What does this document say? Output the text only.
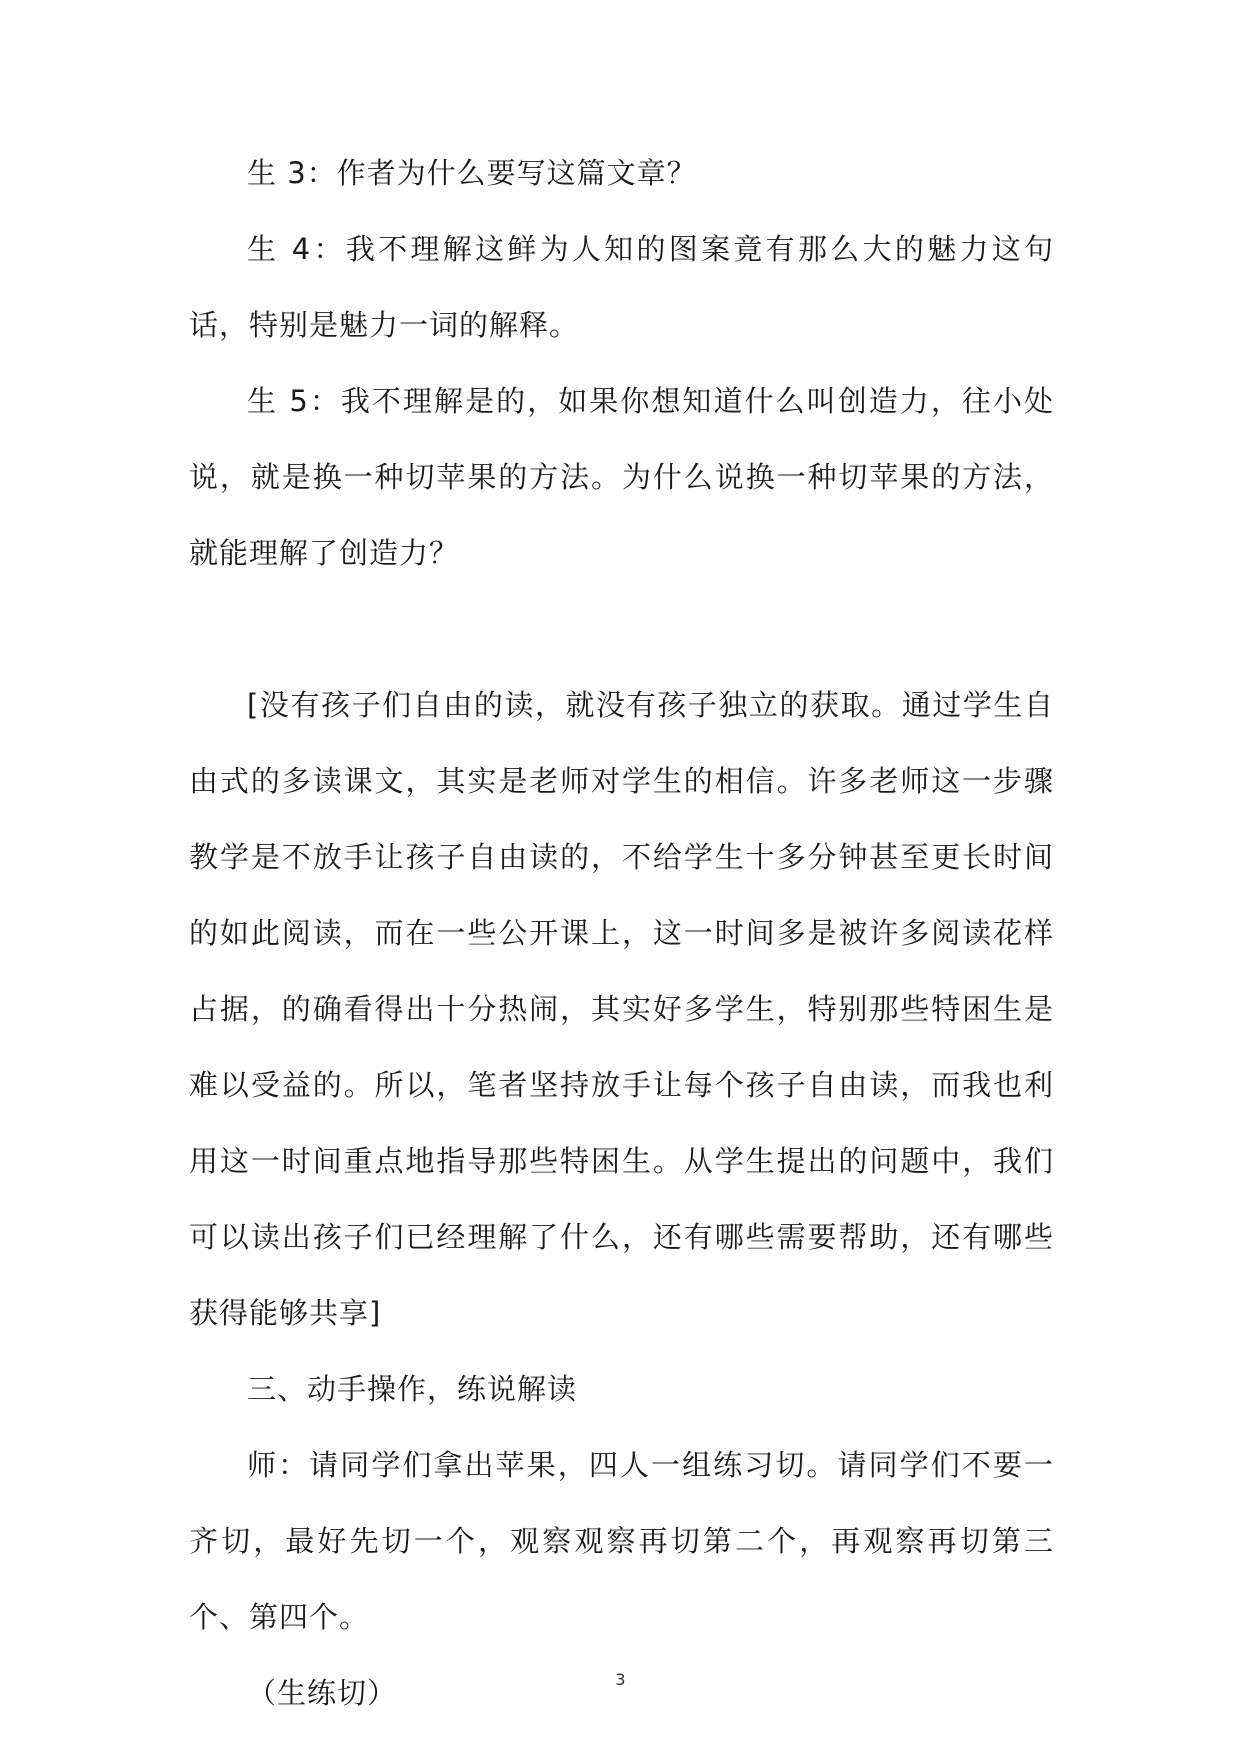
生 3：作者为什么要写这篇文章？

生 4：我不理解这鲜为人知的图案竟有那么大的魅力这句话，特别是魅力一词的解释。

生 5：我不理解是的，如果你想知道什么叫创造力，往小处说，就是换一种切苹果的方法。为什么说换一种切苹果的方法，就能理解了创造力？

[没有孩子们自由的读，就没有孩子独立的获取。通过学生自由式的多读课文，其实是老师对学生的相信。许多老师这一步骤教学是不放手让孩子自由读的，不给学生十多分钟甚至更长时间的如此阅读，而在一些公开课上，这一时间多是被许多阅读花样占据，的确看得出十分热闹，其实好多学生，特别那些特困生是难以受益的。所以，笔者坚持放手让每个孩子自由读，而我也利用这一时间重点地指导那些特困生。从学生提出的问题中，我们可以读出孩子们已经理解了什么，还有哪些需要帮助，还有哪些获得能够共享]

三、动手操作，练说解读

师：请同学们拿出苹果，四人一组练习切。请同学们不要一齐切，最好先切一个，观察观察再切第二个，再观察再切第三个、第四个。

（生练切）	3
